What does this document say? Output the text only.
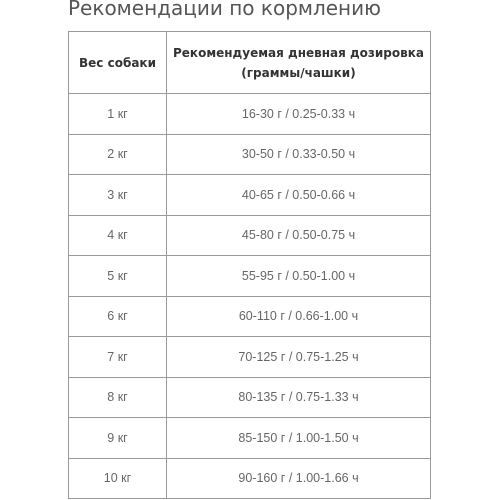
Рекомендации по кормлению
Вес собаки	Рекомендуемая дневная дозировка
(граммы/чашки)

1 кг	16-30 г / 0.25-0.33 ч
2 кг	30-50 г / 0.33-0.50 ч
3 кг	40-65 г / 0.50-0.66 ч
4 кг	45-80 г / 0.50-0.75 ч
5 кг	55-95 г / 0.50-1.00 ч
6 кг	60-110 г / 0.66-1.00 ч
7 кг	70-125 г / 0.75-1.25 ч
8 кг	80-135 г / 0.75-1.33 ч
9 кг	85-150 г / 1.00-1.50 ч
10 кг	90-160 г / 1.00-1.66 ч
